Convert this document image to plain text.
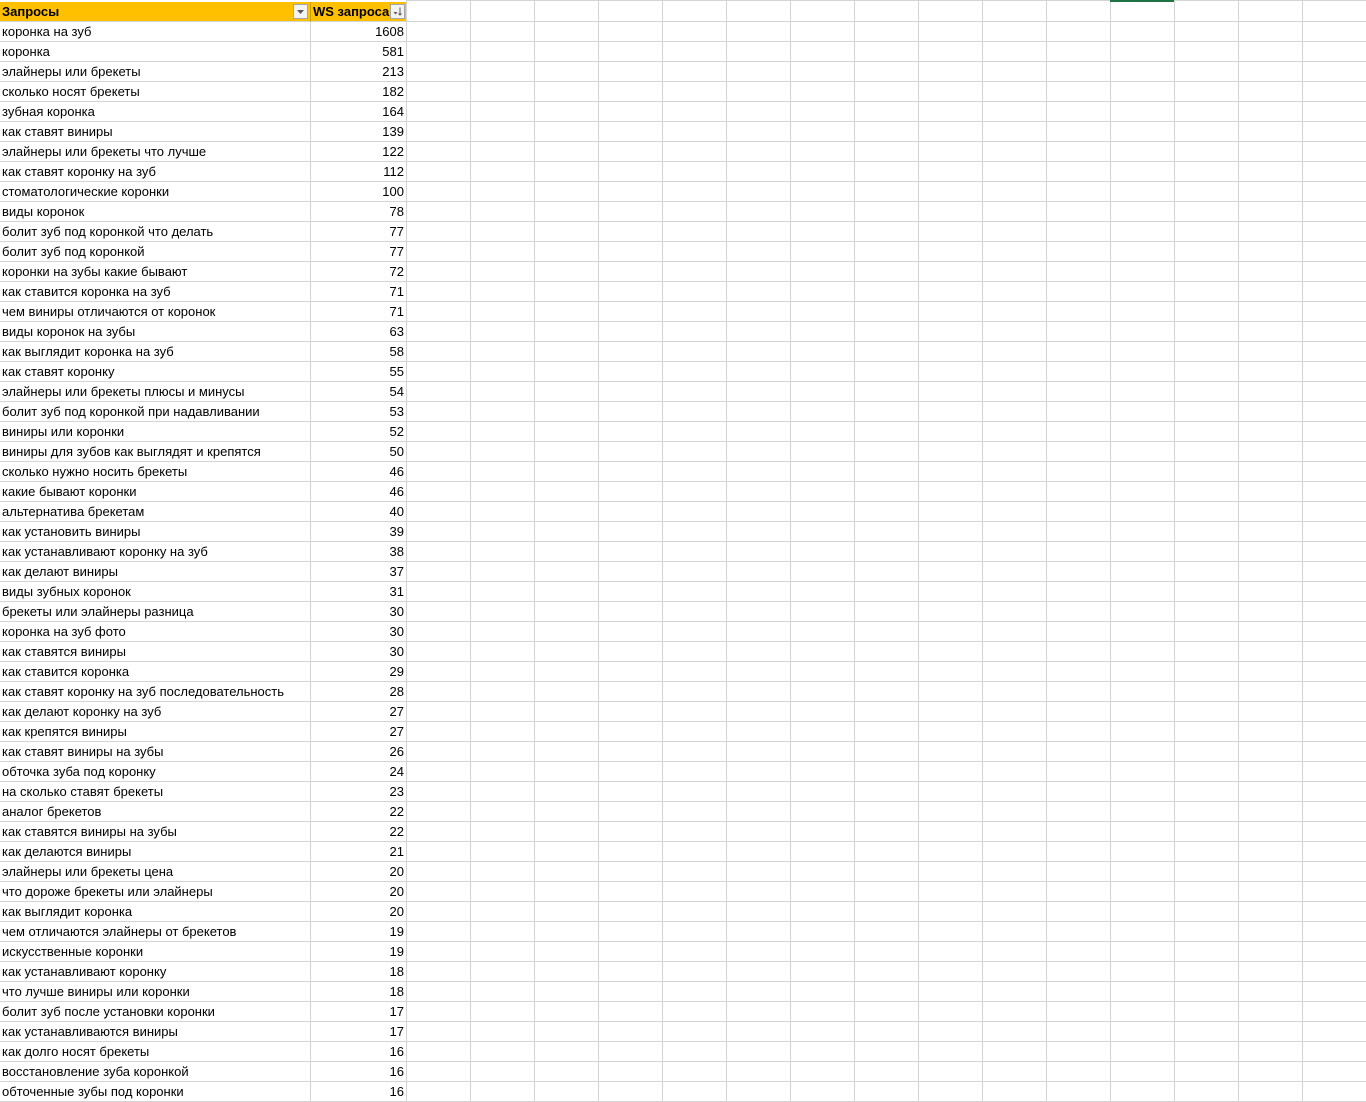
Запросы	WS запроса
коронка на зуб	1608
коронка	581
элайнеры или брекеты	213
сколько носят брекеты	182
зубная коронка	164
как ставят виниры	139
элайнеры или брекеты что лучше	122
как ставят коронку на зуб	112
стоматологические коронки	100
виды коронок	78
болит зуб под коронкой что делать	77
болит зуб под коронкой	77
коронки на зубы какие бывают	72
как ставится коронка на зуб	71
чем виниры отличаются от коронок	71
виды коронок на зубы	63
как выглядит коронка на зуб	58
как ставят коронку	55
элайнеры или брекеты плюсы и минусы	54
болит зуб под коронкой при надавливании	53
виниры или коронки	52
виниры для зубов как выглядят и крепятся	50
сколько нужно носить брекеты	46
какие бывают коронки	46
альтернатива брекетам	40
как установить виниры	39
как устанавливают коронку на зуб	38
как делают виниры	37
виды зубных коронок	31
брекеты или элайнеры разница	30
коронка на зуб фото	30
как ставятся виниры	30
как ставится коронка	29
как ставят коронку на зуб последовательность	28
как делают коронку на зуб	27
как крепятся виниры	27
как ставят виниры на зубы	26
обточка зуба под коронку	24
на сколько ставят брекеты	23
аналог брекетов	22
как ставятся виниры на зубы	22
как делаются виниры	21
элайнеры или брекеты цена	20
что дороже брекеты или элайнеры	20
как выглядит коронка	20
чем отличаются элайнеры от брекетов	19
искусственные коронки	19
как устанавливают коронку	18
что лучше виниры или коронки	18
болит зуб после установки коронки	17
как устанавливаются виниры	17
как долго носят брекеты	16
восстановление зуба коронкой	16
обточенные зубы под коронки	16
